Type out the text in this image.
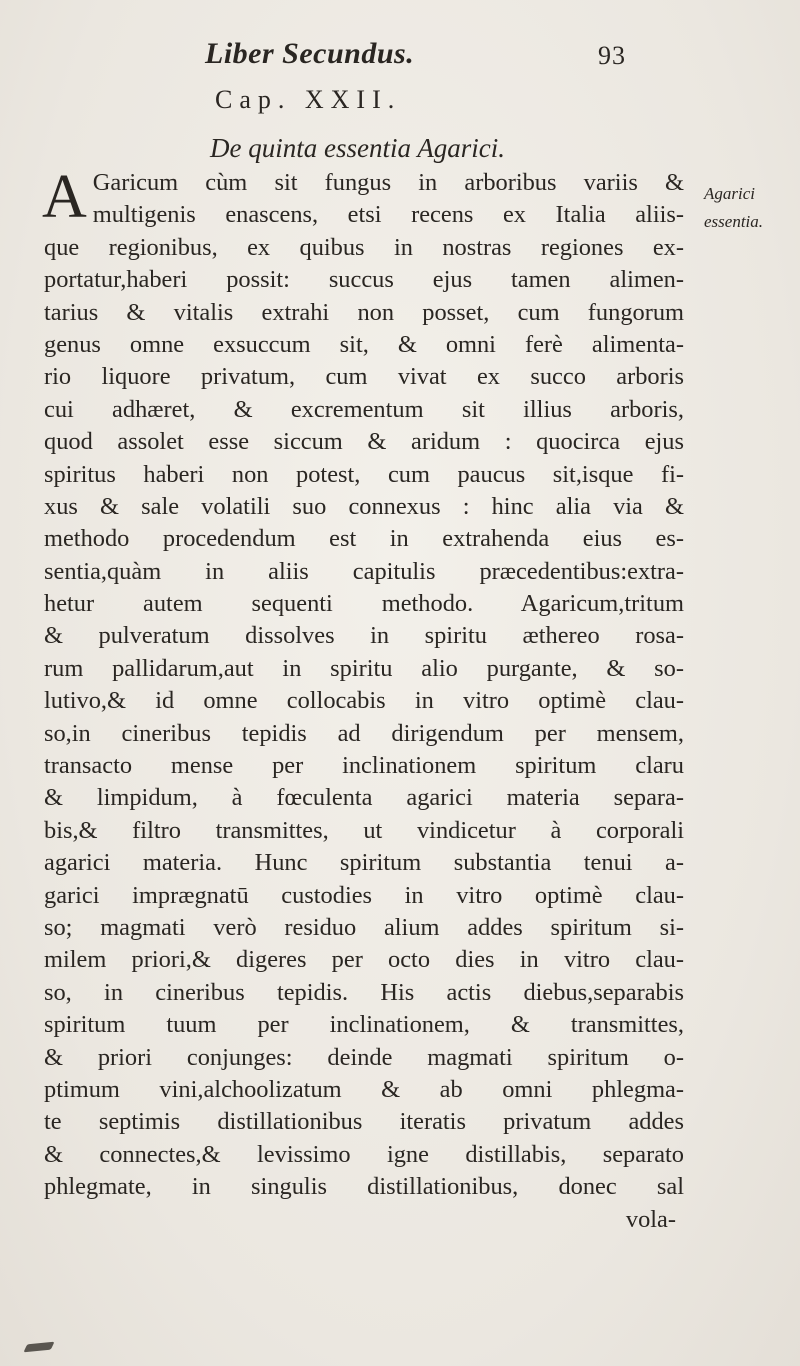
Liber Secundus.	93
Cap. XXII.
De quinta essentia Agarici.
Agarici
essentia.
A Garicum cùm sit fungus in arboribus variis &
multigenis enascens, etsi recens ex Italia aliis-
que regionibus, ex quibus in nostras regiones ex-
portatur,haberi possit: succus ejus tamen alimen-
tarius & vitalis extrahi non posset, cum fungorum
genus omne exsuccum sit, & omni ferè alimenta-
rio liquore privatum, cum vivat ex succo arboris
cui adhæret, & excrementum sit illius arboris,
quod assolet esse siccum & aridum : quocirca ejus
spiritus haberi non potest, cum paucus sit,isque fi-
xus & sale volatili suo connexus : hinc alia via &
methodo procedendum est in extrahenda eius es-
sentia,quàm in aliis capitulis præcedentibus:extra-
hetur autem sequenti methodo. Agaricum,tritum
& pulveratum dissolves in spiritu æthereo rosa-
rum pallidarum,aut in spiritu alio purgante, & so-
lutivo,& id omne collocabis in vitro optimè clau-
so,in cineribus tepidis ad dirigendum per mensem,
transacto mense per inclinationem spiritum claru
& limpidum, à fœculenta agarici materia separa-
bis,& filtro transmittes, ut vindicetur à corporali
agarici materia. Hunc spiritum substantia tenui a-
garici imprægnatū custodies in vitro optimè clau-
so; magmati verò residuo alium addes spiritum si-
milem priori,& digeres per octo dies in vitro clau-
so, in cineribus tepidis. His actis diebus,separabis
spiritum tuum per inclinationem, & transmittes,
& priori conjunges: deinde magmati spiritum o-
ptimum vini,alchoolizatum & ab omni phlegma-
te septimis distillationibus iteratis privatum addes
& connectes,& levissimo igne distillabis, separato
phlegmate, in singulis distillationibus, donec sal
vola-
